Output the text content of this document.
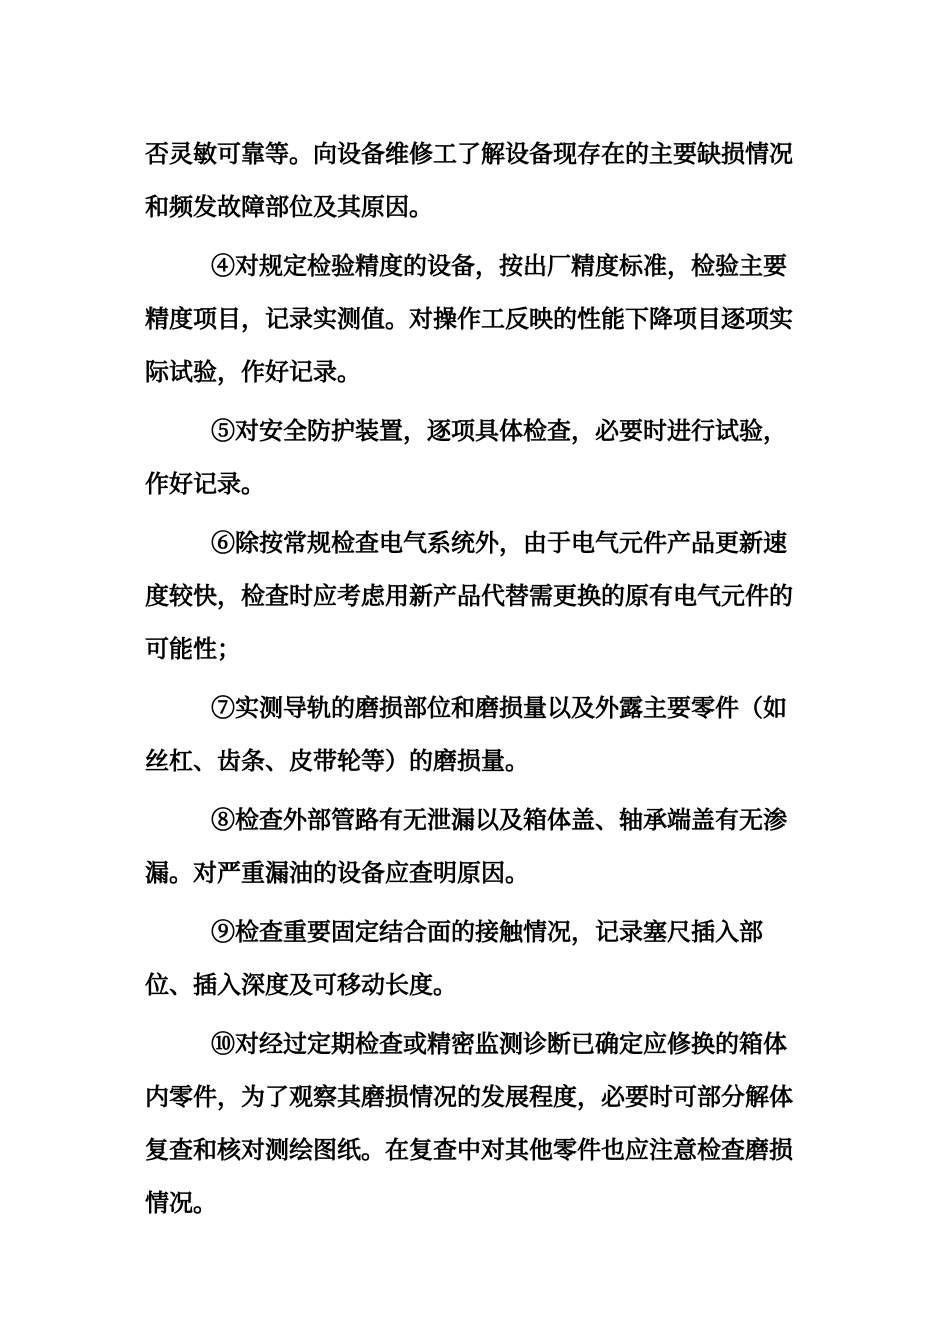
否灵敏可靠等。向设备维修工了解设备现存在的主要缺损情况和频发故障部位及其原因。

④对规定检验精度的设备，按出厂精度标准，检验主要精度项目，记录实测值。对操作工反映的性能下降项目逐项实际试验，作好记录。

⑤对安全防护装置，逐项具体检查，必要时进行试验，作好记录。

⑥除按常规检查电气系统外，由于电气元件产品更新速度较快，检查时应考虑用新产品代替需更换的原有电气元件的可能性；

⑦实测导轨的磨损部位和磨损量以及外露主要零件（如丝杠、齿条、皮带轮等）的磨损量。

⑧检查外部管路有无泄漏以及箱体盖、轴承端盖有无渗漏。对严重漏油的设备应查明原因。

⑨检查重要固定结合面的接触情况，记录塞尺插入部位、插入深度及可移动长度。

⑩对经过定期检查或精密监测诊断已确定应修换的箱体内零件，为了观察其磨损情况的发展程度，必要时可部分解体复查和核对测绘图纸。在复查中对其他零件也应注意检查磨损情况。
